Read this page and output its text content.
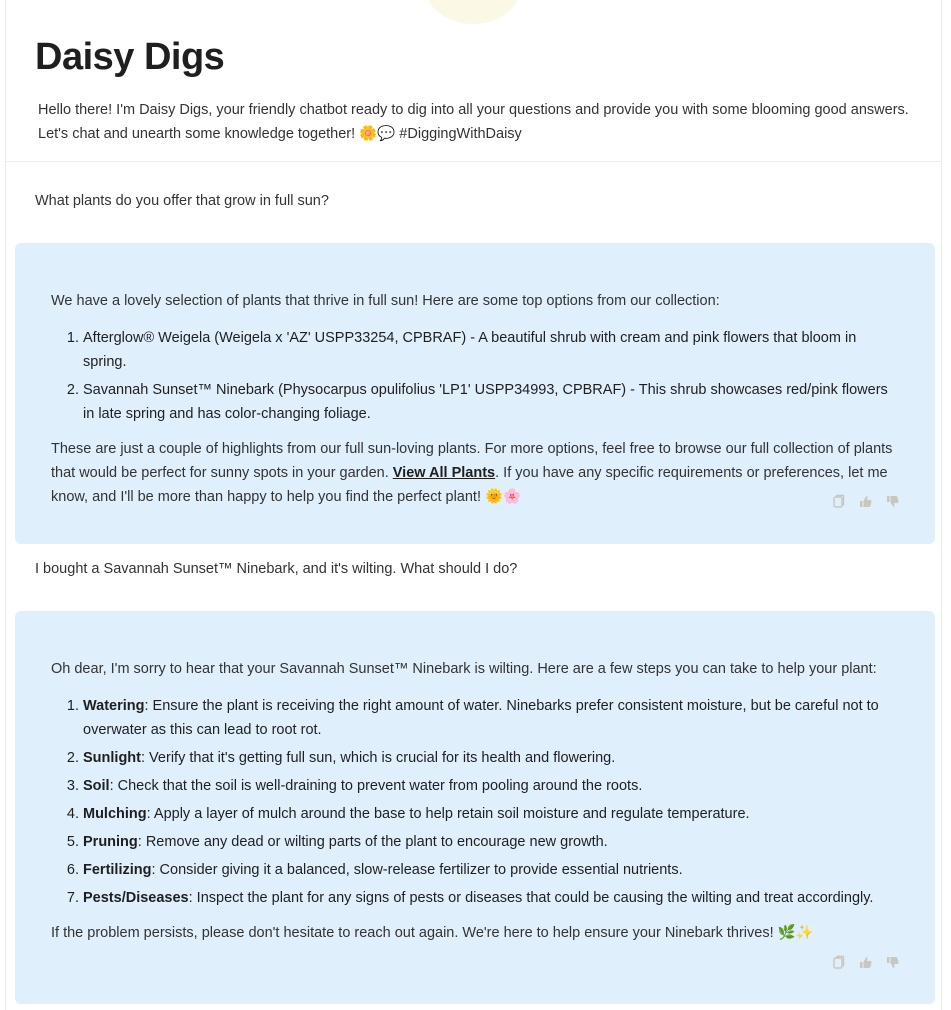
Daisy Digs
Hello there! I'm Daisy Digs, your friendly chatbot ready to dig into all your questions and provide you with some blooming good answers. Let's chat and unearth some knowledge together! 🌼💬 #DiggingWithDaisy
What plants do you offer that grow in full sun?

We have a lovely selection of plants that thrive in full sun! Here are some top options from our collection:

1. Afterglow® Weigela (Weigela x 'AZ' USPP33254, CPBRAF) - A beautiful shrub with cream and pink flowers that bloom in spring.
2. Savannah Sunset™ Ninebark (Physocarpus opulifolius 'LP1' USPP34993, CPBRAF) - This shrub showcases red/pink flowers in late spring and has color-changing foliage.

These are just a couple of highlights from our full sun-loving plants. For more options, feel free to browse our full collection of plants that would be perfect for sunny spots in your garden. View All Plants. If you have any specific requirements or preferences, let me know, and I'll be more than happy to help you find the perfect plant! 🌞🌸

I bought a Savannah Sunset™ Ninebark, and it's wilting. What should I do?

Oh dear, I'm sorry to hear that your Savannah Sunset™ Ninebark is wilting. Here are a few steps you can take to help your plant:

1. Watering: Ensure the plant is receiving the right amount of water. Ninebarks prefer consistent moisture, but be careful not to overwater as this can lead to root rot.
2. Sunlight: Verify that it's getting full sun, which is crucial for its health and flowering.
3. Soil: Check that the soil is well-draining to prevent water from pooling around the roots.
4. Mulching: Apply a layer of mulch around the base to help retain soil moisture and regulate temperature.
5. Pruning: Remove any dead or wilting parts of the plant to encourage new growth.
6. Fertilizing: Consider giving it a balanced, slow-release fertilizer to provide essential nutrients.
7. Pests/Diseases: Inspect the plant for any signs of pests or diseases that could be causing the wilting and treat accordingly.

If the problem persists, please don't hesitate to reach out again. We're here to help ensure your Ninebark thrives! 🌿✨
